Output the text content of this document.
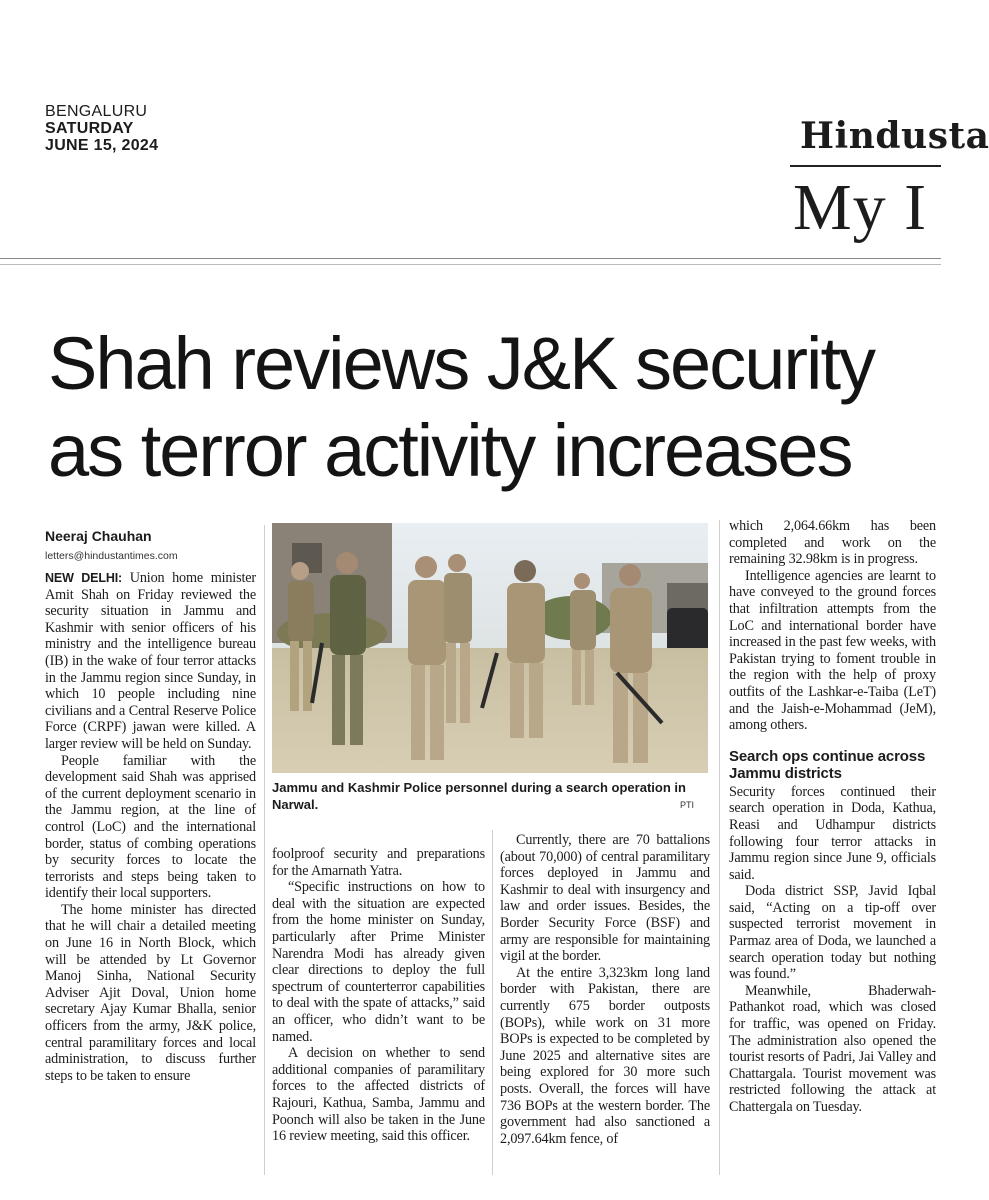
BENGALURU
SATURDAY
JUNE 15, 2024	Hindusta
My I
Shah reviews J&K security
as terror activity increases
Neeraj Chauhan
letters@hindustantimes.com

NEW DELHI: Union home minister Amit Shah on Friday reviewed the security situation in Jammu and Kashmir with senior officers of his ministry and the intelligence bureau (IB) in the wake of four terror attacks in the Jammu region since Sunday, in which 10 people including nine civilians and a Central Reserve Police Force (CRPF) jawan were killed. A larger review will be held on Sunday.

People familiar with the development said Shah was apprised of the current deployment scenario in the Jammu region, at the line of control (LoC) and the international border, status of combing operations by security forces to locate the terrorists and steps being taken to identify their local supporters.

The home minister has directed that he will chair a detailed meeting on June 16 in North Block, which will be attended by Lt Governor Manoj Sinha, National Security Adviser Ajit Doval, Union home secretary Ajay Kumar Bhalla, senior officers from the army, J&K police, central paramilitary forces and local administration, to discuss further steps to be taken to ensure

Jammu and Kashmir Police personnel during a search operation in Narwal.	PTI

foolproof security and preparations for the Amarnath Yatra.

“Specific instructions on how to deal with the situation are expected from the home minister on Sunday, particularly after Prime Minister Narendra Modi has already given clear directions to deploy the full spectrum of counterterror capabilities to deal with the spate of attacks,” said an officer, who didn’t want to be named.

A decision on whether to send additional companies of paramilitary forces to the affected districts of Rajouri, Kathua, Samba, Jammu and Poonch will also be taken in the June 16 review meeting, said this officer.

Currently, there are 70 battalions (about 70,000) of central paramilitary forces deployed in Jammu and Kashmir to deal with insurgency and law and order issues. Besides, the Border Security Force (BSF) and army are responsible for maintaining vigil at the border.

At the entire 3,323km long land border with Pakistan, there are currently 675 border outposts (BOPs), while work on 31 more BOPs is expected to be completed by June 2025 and alternative sites are being explored for 30 more such posts. Overall, the forces will have 736 BOPs at the western border. The government had also sanctioned a 2,097.64km fence, of

which 2,064.66km has been completed and work on the remaining 32.98km is in progress.

Intelligence agencies are learnt to have conveyed to the ground forces that infiltration attempts from the LoC and international border have increased in the past few weeks, with Pakistan trying to foment trouble in the region with the help of proxy outfits of the Lashkar-e-Taiba (LeT) and the Jaish-e-Mohammad (JeM), among others.

Search ops continue across Jammu districts

Security forces continued their search operation in Doda, Kathua, Reasi and Udhampur districts following four terror attacks in Jammu region since June 9, officials said.

Doda district SSP, Javid Iqbal said, “Acting on a tip-off over suspected terrorist movement in Parmaz area of Doda, we launched a search operation today but nothing was found.”

Meanwhile, Bhaderwah-Pathankot road, which was closed for traffic, was opened on Friday. The administration also opened the tourist resorts of Padri, Jai Valley and Chattargala. Tourist movement was restricted following the attack at Chattergala on Tuesday.
